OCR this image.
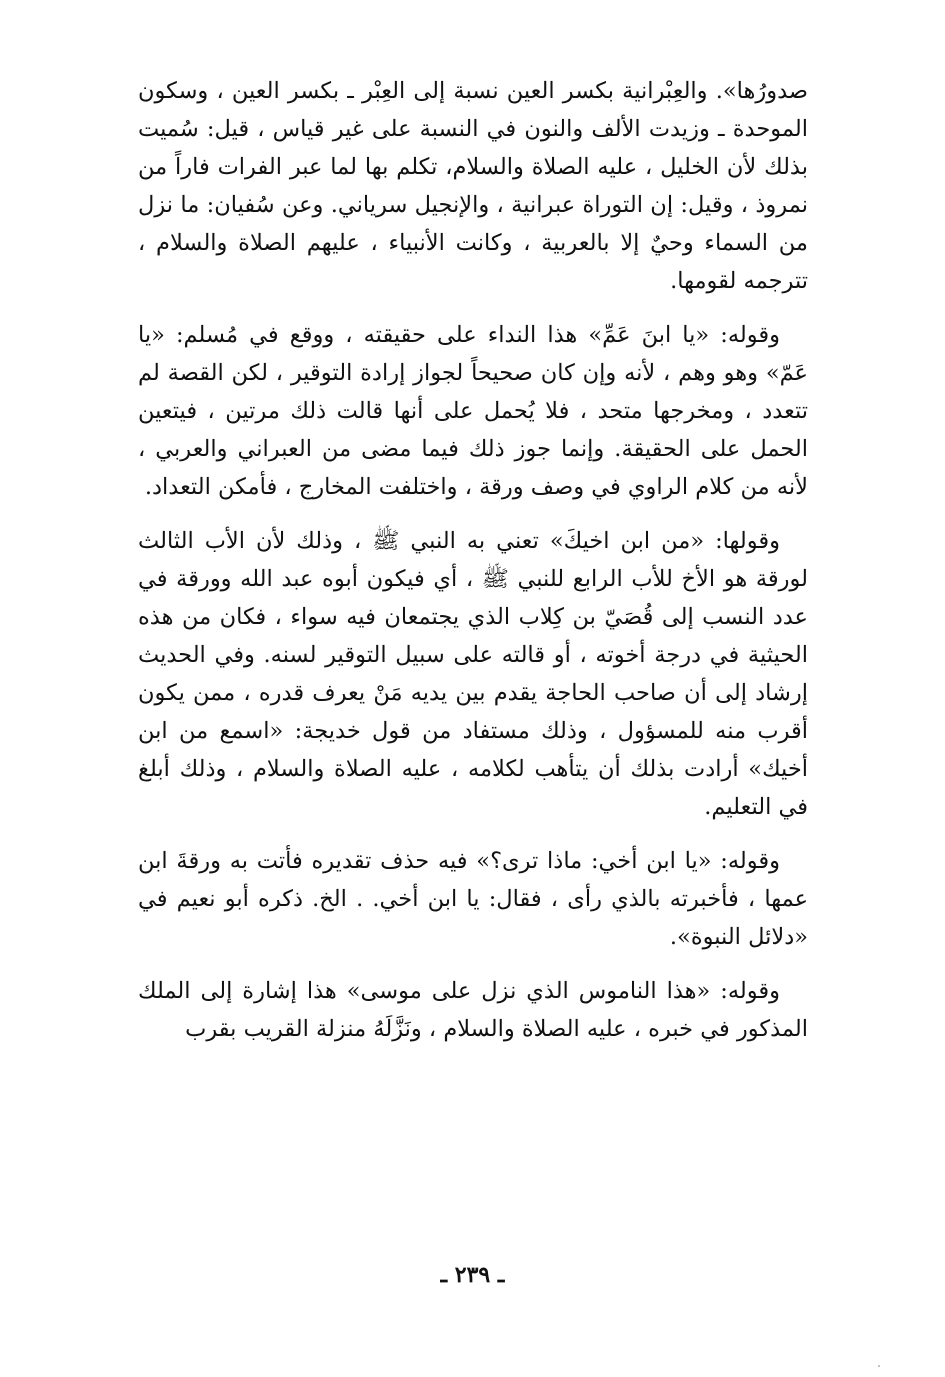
صدورُها». والعِبْرانية بكسر العين نسبة إلى العِبْر ـ بكسر العين ، وسكون الموحدة ـ وزيدت الألف والنون في النسبة على غير قياس ، قيل: سُميت بذلك لأن الخليل ، عليه الصلاة والسلام، تكلم بها لما عبر الفرات فاراً من نمروذ ، وقيل: إن التوراة عبرانية ، والإنجيل سرياني. وعن سُفيان: ما نزل من السماء وحيٌ إلا بالعربية ، وكانت الأنبياء ، عليهم الصلاة والسلام ، تترجمه لقومها.

وقوله: «يا ابنَ عَمِّ» هذا النداء على حقيقته ، ووقع في مُسلم: «يا عَمّ» وهو وهم ، لأنه وإن كان صحيحاً لجواز إرادة التوقير ، لكن القصة لم تتعدد ، ومخرجها متحد ، فلا يُحمل على أنها قالت ذلك مرتين ، فيتعين الحمل على الحقيقة. وإنما جوز ذلك فيما مضى من العبراني والعربي ، لأنه من كلام الراوي في وصف ورقة ، واختلفت المخارج ، فأمكن التعداد.

وقولها: «من ابن اخيكَ» تعني به النبي ﷺ ، وذلك لأن الأب الثالث لورقة هو الأخ للأب الرابع للنبي ﷺ ، أي فيكون أبوه عبد الله وورقة في عدد النسب إلى قُصَيّ بن كِلاب الذي يجتمعان فيه سواء ، فكان من هذه الحيثية في درجة أخوته ، أو قالته على سبيل التوقير لسنه. وفي الحديث إرشاد إلى أن صاحب الحاجة يقدم بين يديه مَنْ يعرف قدره ، ممن يكون أقرب منه للمسؤول ، وذلك مستفاد من قول خديجة: «اسمع من ابن أخيك» أرادت بذلك أن يتأهب لكلامه ، عليه الصلاة والسلام ، وذلك أبلغ في التعليم.

وقوله: «يا ابن أخي: ماذا ترى؟» فيه حذف تقديره فأتت به ورقةَ ابن عمها ، فأخبرته بالذي رأى ، فقال: يا ابن أخي. . الخ. ذكره أبو نعيم في «دلائل النبوة».

وقوله: «هذا الناموس الذي نزل على موسى» هذا إشارة إلى الملك المذكور في خبره ، عليه الصلاة والسلام ، ونَزَّلَهُ منزلة القريب بقرب

ـ ٢٣٩ ـ
